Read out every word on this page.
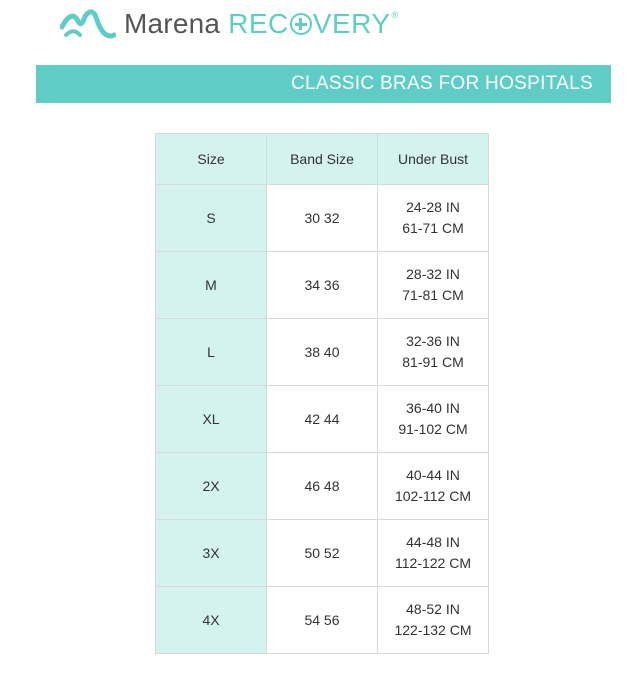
Marena REC VERY®
CLASSIC BRAS FOR HOSPITALS
Size	Band Size	Under Bust
S	30 32	24-28 IN
61-71 CM

M	34 36	28-32 IN
71-81 CM

L	38 40	32-36 IN
81-91 CM

XL	42 44	36-40 IN
91-102 CM

2X	46 48	40-44 IN
102-112 CM

3X	50 52	44-48 IN
112-122 CM

4X	54 56	48-52 IN
122-132 CM
